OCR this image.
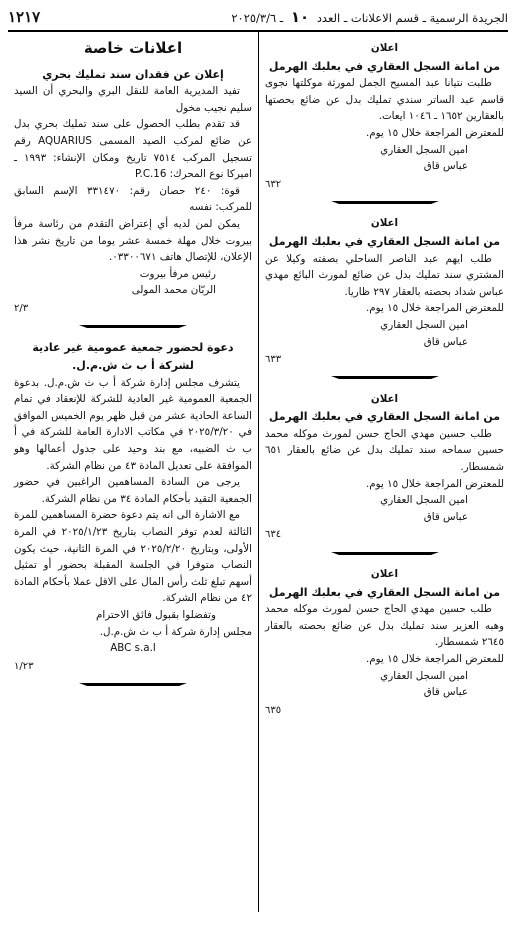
الجريدة الرسمية ـ قسم الاعلانات ـ العدد ١٠ ـ ٢٠٢٥/٣/٦
١٢١٧
اعلان
من امانة السجل العقاري في بعلبك الهرمل

طلبت نتيانا عبد المسيح الجمل لمورثة موكلتها نجوى قاسم عبد الساتر سندي تمليك بدل عن ضائع بحصتها بالعقارين ١٦٥٢ ـ ١٠٤٦ ايعات.

للمعترض المراجعة خلال ١٥ يوم.

امين السجل العقاري
عباس قاق
٦٣٢
اعلان
من امانة السجل العقاري في بعلبك الهرمل

طلب ايهم عبد الناصر الساحلي بصفته وكيلا عن المشتري سند تمليك بدل عن ضائع لمورث البائع مهدي عباس شداد بحصته بالعقار ٢٩٧ ظاريا.

للمعترض المراجعة خلال ١٥ يوم.

امين السجل العقاري
عباس قاق
٦٣٣
اعلان
من امانة السجل العقاري في بعلبك الهرمل

طلب حسين مهدي الحاج حسن لمورث موكله محمد حسين سماحه سند تمليك بدل عن ضائع بالعقار ٦٥١ شمسطار.

للمعترض المراجعة خلال ١٥ يوم.

امين السجل العقاري
عباس قاق
٦٣٤
اعلان
من امانة السجل العقاري في بعلبك الهرمل

طلب حسين مهدي الحاج حسن لمورث موكله محمد وهبه العزير سند تمليك بدل عن ضائع بحصته بالعقار ٢٦٤٥ شمسطار.

للمعترض المراجعة خلال ١٥ يوم.

امين السجل العقاري
عباس قاق
٦٣٥
اعلانات خاصة
إعلان عن فقدان سند تمليك بحري

تفيد المديرية العامة للنقل البري والبحري أن السيد سليم نجيب مخول

قد تقدم بطلب الحصول على سند تمليك بحري بدل عن ضائع لمركب الصيد المسمى AQUARIUS رقم تسجيل المركب ٧٥١٤ تاريخ ومكان الإنشاء: ١٩٩٣ ـ اميركا نوع المحرك: P.C.16

قوة: ٢٤٠ حصان رقم: ٣٣١٤٧٠ الإسم السابق للمركب: نفسه

يمكن لمن لديه أي إعتراض التقدم من رئاسة مرفأ بيروت خلال مهلة خمسة عشر يوما من تاريخ نشر هذا الإعلان، للإتصال هاتف ٠٣٣٠٠٦٧١.

رئيس مرفأ بيروت
الربّان محمد المولى
٢/٣
دعوة لحضور جمعية عمومية غير عادية
لشركة أ ب ث ش.م.ل.

يتشرف مجلس إدارة شركة أ ب ث ش.م.ل. بدعوة الجمعية العمومية غير العادية للشركة للإنعقاد في تمام الساعة الحادية عشر من قبل ظهر يوم الخميس الموافق في ٢٠٢٥/٣/٢٠ في مكاتب الادارة العامة للشركة في أ ب ث الضبيه، مع بند وحيد على جدول أعمالها وهو الموافقة على تعديل المادة ٤٣ من نظام الشركة.

يرجى من السادة المساهمين الراغبين في حضور الجمعية التقيد بأحكام المادة ٣٤ من نظام الشركة.

مع الاشارة الى انه يتم دعوة حضرة المساهمين للمرة الثالثة لعدم توفر النصاب بتاريخ ٢٠٢٥/١/٢٣ في المرة الأولى، وبتاريخ ٢٠٢٥/٢/٢٠ في المرة الثانية، حيث يكون النصاب متوفرا في الجلسة المقبلة بحضور أو تمثيل أسهم تبلغ ثلث رأس المال على الاقل عملا بأحكام المادة ٤٢ من نظام الشركة.

وتفضلوا بقبول فائق الاحترام
مجلس إدارة شركة أ ب ث ش.م.ل.
ABC s.a.l
١/٢٣
